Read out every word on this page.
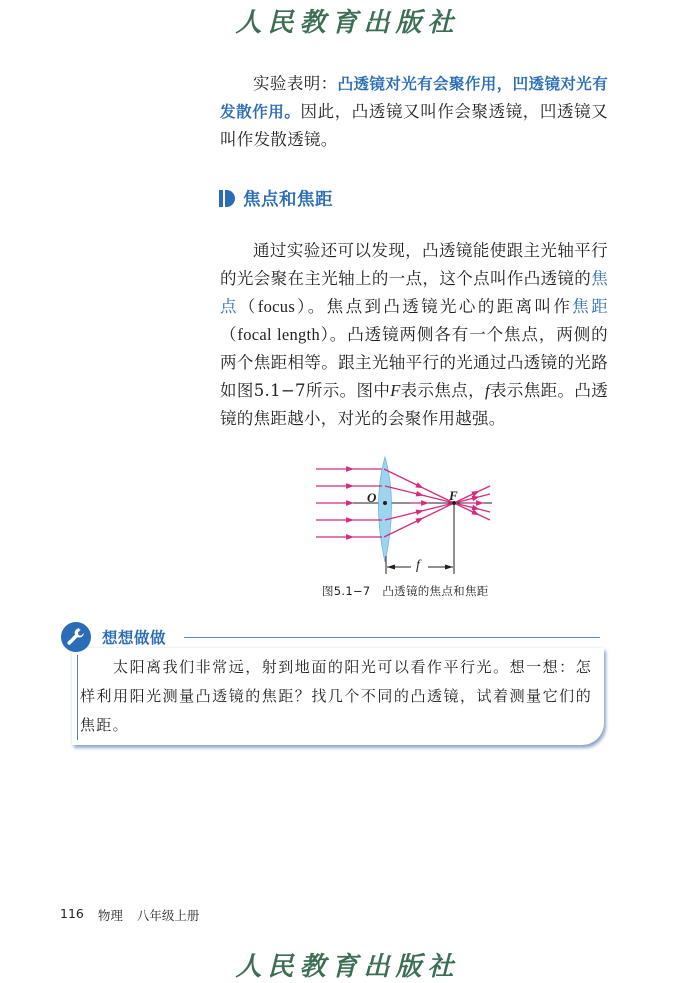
人民教育出版社

实验表明：凸透镜对光有会聚作用，凹透镜对光有发散作用。因此，凸透镜又叫作会聚透镜，凹透镜又叫作发散透镜。

焦点和焦距

通过实验还可以发现，凸透镜能使跟主光轴平行的光会聚在主光轴上的一点，这个点叫作凸透镜的焦点（focus）。焦点到凸透镜光心的距离叫作焦距（focal length）。凸透镜两侧各有一个焦点，两侧的两个焦距相等。跟主光轴平行的光通过凸透镜的光路如图5.1−7所示。图中F表示焦点，f表示焦距。凸透镜的焦距越小，对光的会聚作用越强。

O	F
f
图5.1−7　凸透镜的焦点和焦距
想想做做

　　太阳离我们非常远，射到地面的阳光可以看作平行光。想一想：怎样利用阳光测量凸透镜的焦距？找几个不同的凸透镜，试着测量它们的焦距。

116 物理 八年级上册
人民教育出版社
